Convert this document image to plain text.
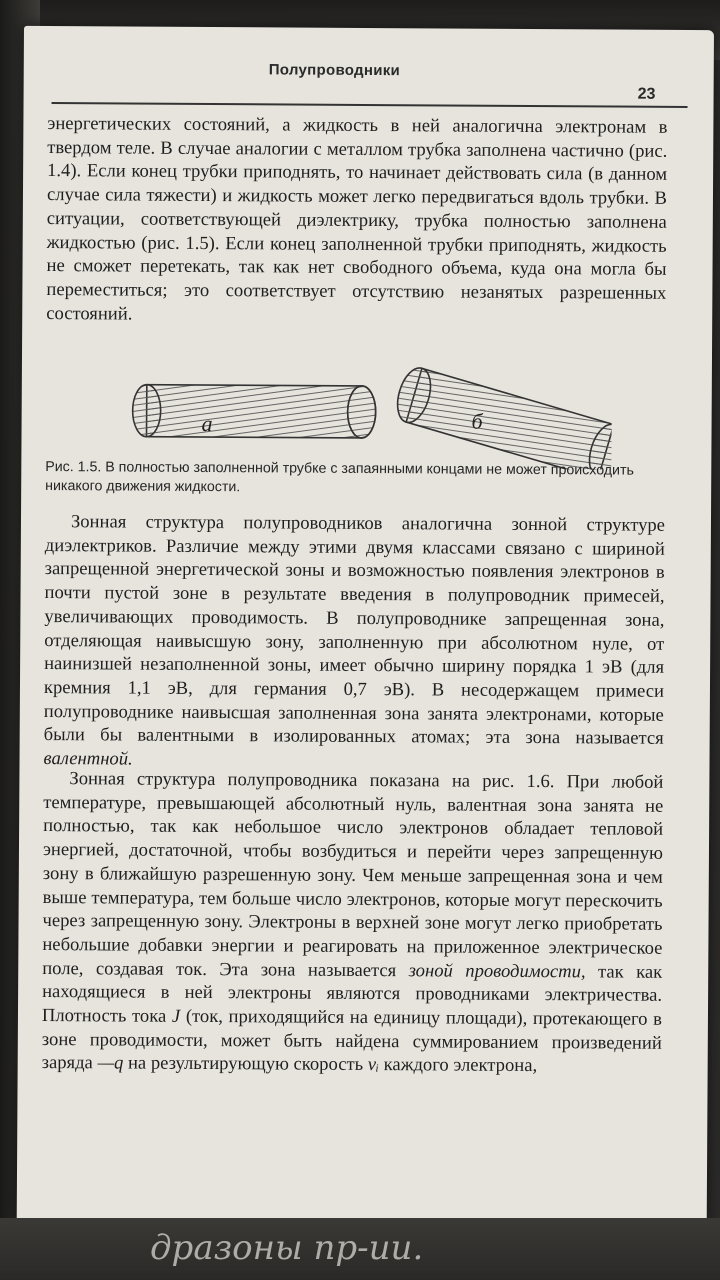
Полупроводники
23

энергетических состояний, а жидкость в ней аналогична электронам в твердом теле. В случае аналогии с металлом трубка заполнена частично (рис. 1.4). Если конец трубки приподнять, то начинает действовать сила (в данном случае сила тяжести) и жидкость может легко передвигаться вдоль трубки. В ситуации, соответствующей диэлектрику, трубка полностью заполнена жидкостью (рис. 1.5). Если конец заполненной трубки приподнять, жидкость не сможет перетекать, так как нет свободного объема, куда она могла бы переместиться; это соответствует отсутствию незанятых разрешенных состояний.

а	б
Рис. 1.5. В полностью заполненной трубке с запаянными концами не может происходить никакого движения жидкости.
Зонная структура полупроводников аналогична зонной структуре диэлектриков. Различие между этими двумя классами связано с шириной запрещенной энергетической зоны и возможностью появления электронов в почти пустой зоне в результате введения в полупроводник примесей, увеличивающих проводимость. В полупроводнике запрещенная зона, отделяющая наивысшую зону, заполненную при абсолютном нуле, от наинизшей незаполненной зоны, имеет обычно ширину порядка 1 эВ (для кремния 1,1 эВ, для германия 0,7 эВ). В несодержащем примеси полупроводнике наивысшая заполненная зона занята электронами, которые были бы валентными в изолированных атомах; эта зона называется валентной.
Зонная структура полупроводника показана на рис. 1.6. При любой температуре, превышающей абсолютный нуль, валентная зона занята не полностью, так как небольшое число электронов обладает тепловой энергией, достаточной, чтобы возбудиться и перейти через запрещенную зону в ближайшую разрешенную зону. Чем меньше запрещенная зона и чем выше температура, тем больше число электронов, которые могут перескочить через запрещенную зону. Электроны в верхней зоне могут легко приобретать небольшие добавки энергии и реагировать на приложенное электрическое поле, создавая ток. Эта зона называется зоной проводимости, так как находящиеся в ней электроны являются проводниками электричества. Плотность тока J (ток, приходящийся на единицу площади), протекающего в зоне проводимости, может быть найдена суммированием произведений заряда —q на результирующую скорость vᵢ каждого электрона,
дразоны пр-ии.
